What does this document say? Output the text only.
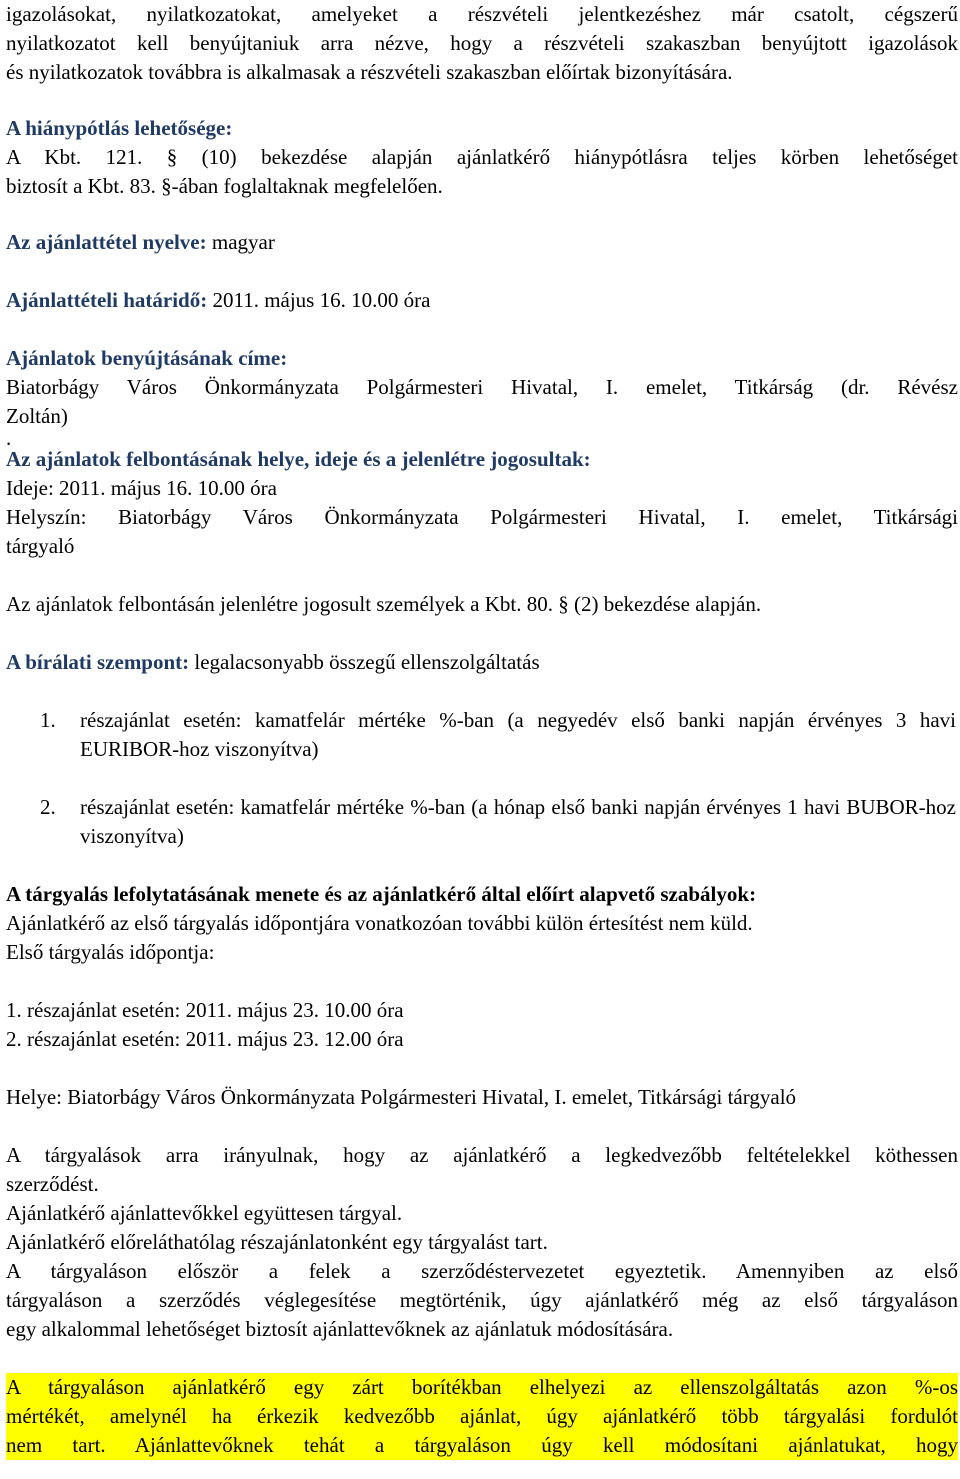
igazolásokat, nyilatkozatokat, amelyeket a részvételi jelentkezéshez már csatolt, cégszerű

nyilatkozatot kell benyújtaniuk arra nézve, hogy a részvételi szakaszban benyújtott igazolások

és nyilatkozatok továbbra is alkalmasak a részvételi szakaszban előírtak bizonyítására.

A hiánypótlás lehetősége:

A Kbt. 121. § (10) bekezdése alapján ajánlatkérő hiánypótlásra teljes körben lehetőséget

biztosít a Kbt. 83. §-ában foglaltaknak megfelelően.

Az ajánlattétel nyelve: magyar

Ajánlattételi határidő: 2011. május 16. 10.00 óra

Ajánlatok benyújtásának címe:

Biatorbágy Város Önkormányzata Polgármesteri Hivatal, I. emelet, Titkárság (dr. Révész

Zoltán)

.

Az ajánlatok felbontásának helye, ideje és a jelenlétre jogosultak:

Ideje: 2011. május 16. 10.00 óra

Helyszín: Biatorbágy Város Önkormányzata Polgármesteri Hivatal, I. emelet, Titkársági

tárgyaló

Az ajánlatok felbontásán jelenlétre jogosult személyek a Kbt. 80. § (2) bekezdése alapján.

A bírálati szempont: legalacsonyabb összegű ellenszolgáltatás

1. részajánlat esetén: kamatfelár mértéke %-ban (a negyedév első banki napján érvényes 3 havi EURIBOR-hoz viszonyítva)
2. részajánlat esetén: kamatfelár mértéke %-ban (a hónap első banki napján érvényes 1 havi BUBOR-hoz viszonyítva)

A tárgyalás lefolytatásának menete és az ajánlatkérő által előírt alapvető szabályok:

Ajánlatkérő az első tárgyalás időpontjára vonatkozóan további külön értesítést nem küld.

Első tárgyalás időpontja:

1. részajánlat esetén: 2011. május 23. 10.00 óra

2. részajánlat esetén: 2011. május 23. 12.00 óra

Helye: Biatorbágy Város Önkormányzata Polgármesteri Hivatal, I. emelet, Titkársági tárgyaló

A tárgyalások arra irányulnak, hogy az ajánlatkérő a legkedvezőbb feltételekkel köthessen

szerződést.

Ajánlatkérő ajánlattevőkkel együttesen tárgyal.

Ajánlatkérő előreláthatólag részajánlatonként egy tárgyalást tart.

A tárgyaláson először a felek a szerződéstervezetet egyeztetik. Amennyiben az első

tárgyaláson a szerződés véglegesítése megtörténik, úgy ajánlatkérő még az első tárgyaláson

egy alkalommal lehetőséget biztosít ajánlattevőknek az ajánlatuk módosítására.

A tárgyaláson ajánlatkérő egy zárt borítékban elhelyezi az ellenszolgáltatás azon %-os
mértékét, amelynél ha érkezik kedvezőbb ajánlat, úgy ajánlatkérő több tárgyalási fordulót
nem tart. Ajánlattevőknek tehát a tárgyaláson úgy kell módosítani ajánlatukat, hogy
